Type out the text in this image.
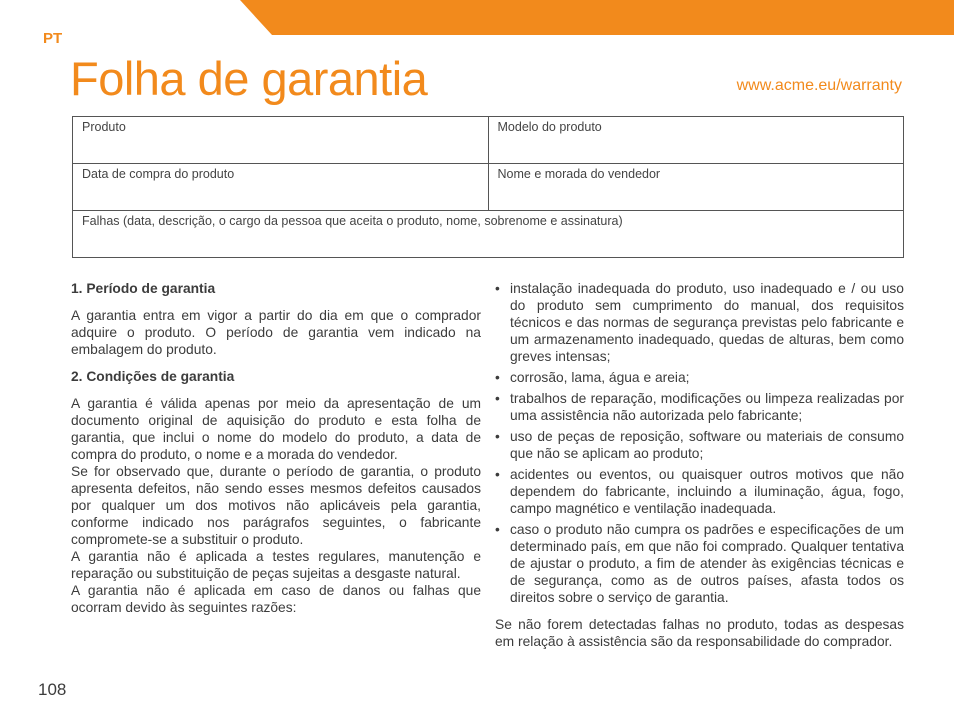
PT
Folha de garantia	www.acme.eu/warranty
Produto	Modelo do produto
Data de compra do produto	Nome e morada do vendedor
Falhas (data, descrição, o cargo da pessoa que aceita o produto, nome, sobrenome e assinatura)	
1. Período de garantia

A garantia entra em vigor a partir do dia em que o comprador adquire o produto. O período de garantia vem indicado na embalagem do produto.

2. Condições de garantia

A garantia é válida apenas por meio da apresentação de um documento original de aquisição do produto e esta folha de garantia, que inclui o nome do modelo do produto, a data de compra do produto, o nome e a morada do vendedor.

Se for observado que, durante o período de garantia, o produto apresenta defeitos, não sendo esses mesmos defeitos causados por qualquer um dos motivos não aplicáveis pela garantia, conforme indicado nos parágrafos seguintes, o fabricante compromete-se a substituir o produto.

A garantia não é aplicada a testes regulares, manutenção e reparação ou substituição de peças sujeitas a desgaste natural.

A garantia não é aplicada em caso de danos ou falhas que ocorram devido às seguintes razões:

• instalação inadequada do produto, uso inadequado e / ou uso do produto sem cumprimento do manual, dos requisitos técnicos e das normas de segurança previstas pelo fabricante e um armazenamento inadequado, quedas de alturas, bem como greves intensas;
• corrosão, lama, água e areia;
• trabalhos de reparação, modificações ou limpeza realizadas por uma assistência não autorizada pelo fabricante;
• uso de peças de reposição, software ou materiais de consumo que não se aplicam ao produto;
• acidentes ou eventos, ou quaisquer outros motivos que não dependem do fabricante, incluindo a iluminação, água, fogo, campo magnético e ventilação inadequada.
• caso o produto não cumpra os padrões e especificações de um determinado país, em que não foi comprado. Qualquer tentativa de ajustar o produto, a fim de atender às exigências técnicas e de segurança, como as de outros países, afasta todos os direitos sobre o serviço de garantia.

Se não forem detectadas falhas no produto, todas as despesas em relação à assistência são da responsabilidade do comprador.

108
